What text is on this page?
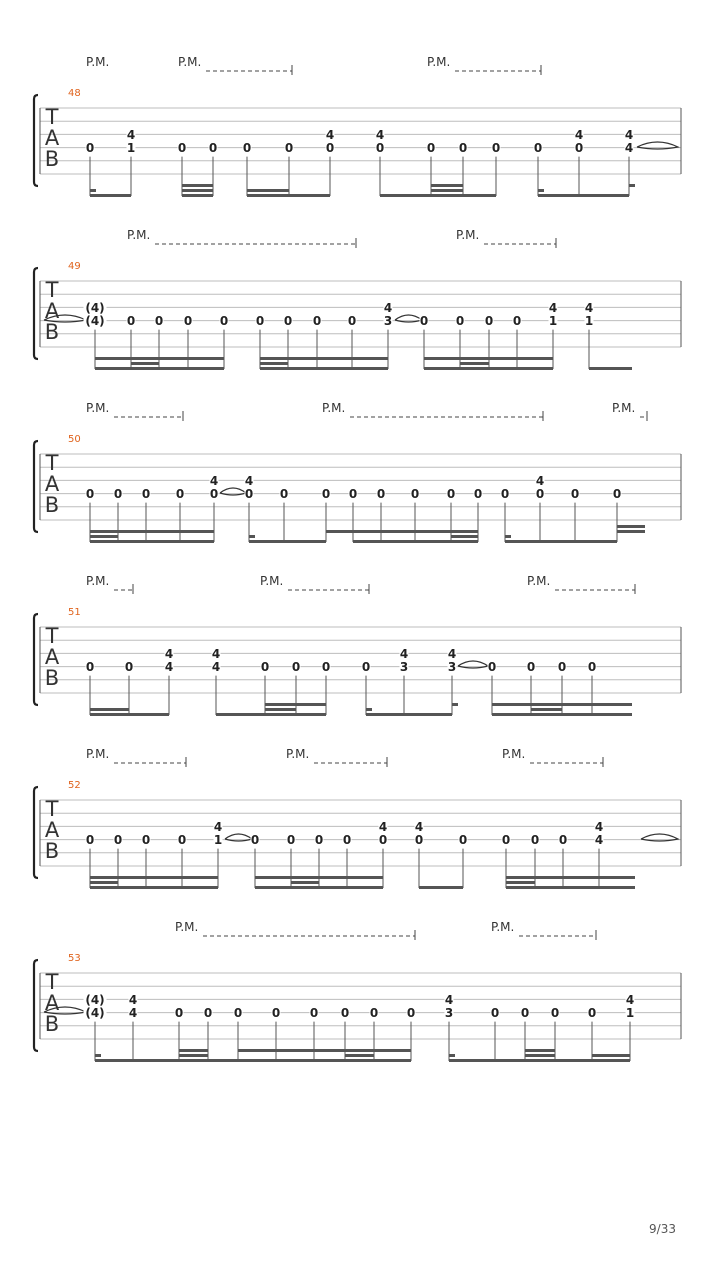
T
A
B
48
P.M.	P.M.	P.M.
0
4
1	0 0 0	0
4
0
4
0	0 0 0	0
4
0
4
4
T
A
B
49
P.M.	P.M.
(4)
(4) 0 0 0 0 0 0 0 0
4
3 0 0 0 0
4
1
4
1
T
A
B
50
P.M.	P.M.	P.M.
0 0 0 0
4
0
4
0 0	0 0 0 0 0 0 0
4
0 0	0
T
A
B
51
P.M.	P.M.	P.M.
0	0
4
4
4
4	0 0 0	0
4
3
4
3	0	0 0 0
T
A
B
52
P.M.	P.M.	P.M.
0 0 0 0
4
1 0 0 0 0
4
0
4
0	0	0 0 0
4
4
T
A
B
53
P.M.	P.M.
(4)
(4)
4
4	0 0 0 0 0 0 0 0
4
3	0 0 0 0
4
1
9/33
